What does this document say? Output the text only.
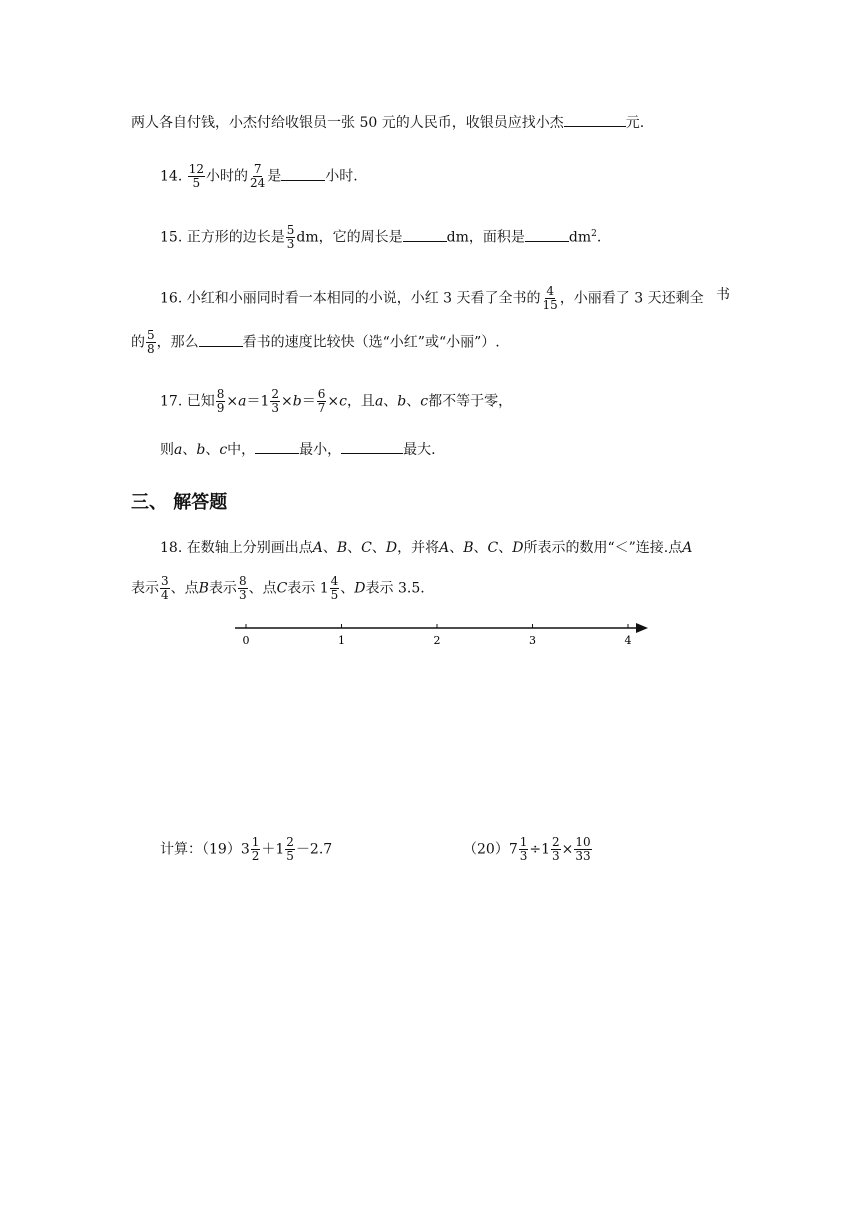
两人各自付钱，小杰付给收银员一张 50 元的人民币，收银员应找小杰	元.
14. $\frac{12}{5}$ 小时的 $\frac{7}{24}$ 是	小时.
15. 正方形的边长是 $\frac{5}{3}$ dm，它的周长是	dm，面积是	$dm^2$.
16. 小红和小丽同时看一本相同的小说，小红 3 天看了全书的 $\frac{4}{15}$ ，小丽看了 3 天还剩全 书
的 $\frac{5}{8}$ ，那么	看书的速度比较快（选“小红”或“小丽”）.
17. 已知 $\frac{8}{9} \times a=1 \frac{2}{3} \times b= \frac{6}{7} \times c$，且a、b、c都不等于零，
则a、b、c中，	最小，	最大.
三、 解答题
18. 在数轴上分别画出点A、B、C、D，并将A、B、C、D所表示的数用“＜”连接.点A
表示 $\frac{3}{4}$ 、点B表示 $\frac{8}{3}$ 、点C表示 $1 \frac{4}{5}$ 、D表示 3.5.
0	1	2	3	4
计算：$(19)3 \frac{1}{2} +1 \frac{2}{5} -2.7$	$(20)7 \frac{1}{3} \div 1 \frac{2}{3} \times \frac{10}{33}$
